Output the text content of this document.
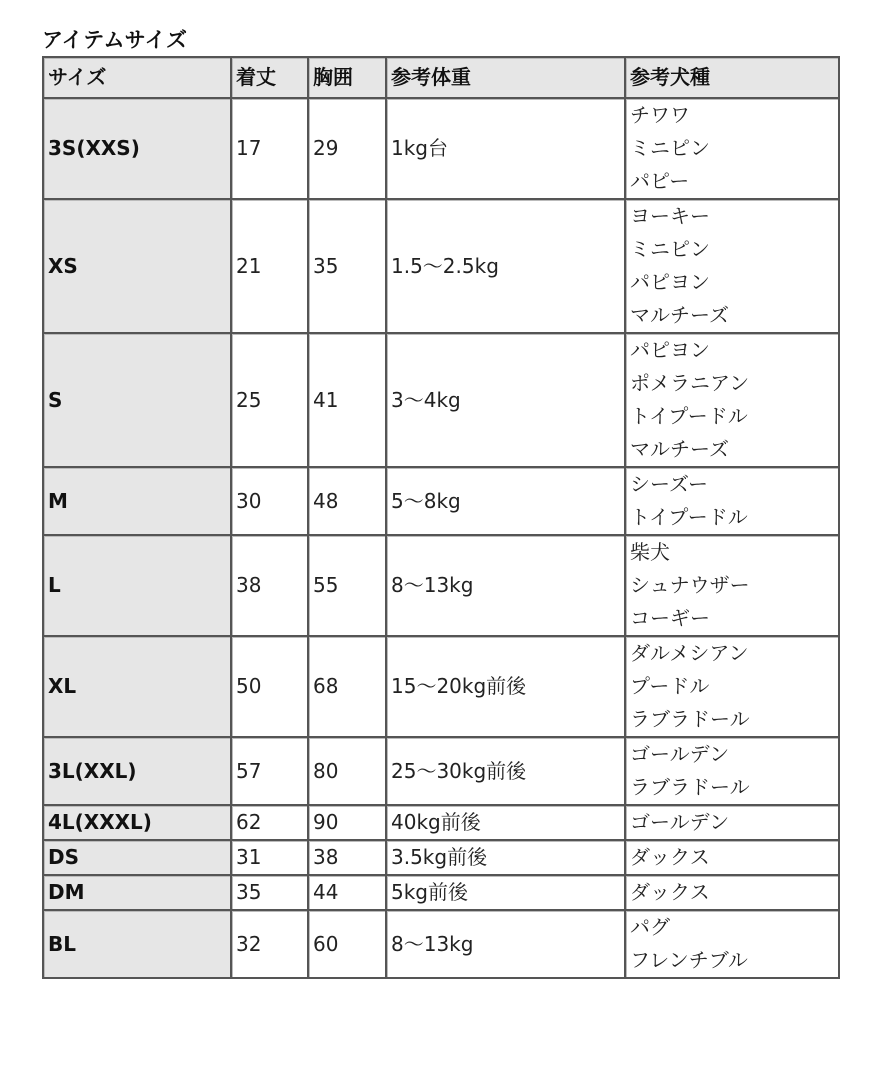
アイテムサイズ
サイズ	着丈	胸囲	参考体重	参考犬種
3S(XXS)	17	29	1kg台	チワワ
ミニピン
パピー

XS	21	35	1.5〜2.5kg	ヨーキー
ミニピン
パピヨン
マルチーズ

S	25	41	3〜4kg	パピヨン
ポメラニアン
トイプードル
マルチーズ

M	30	48	5〜8kg	シーズー
トイプードル

L	38	55	8〜13kg	柴犬
シュナウザー
コーギー

XL	50	68	15〜20kg前後	ダルメシアン
プードル
ラブラドール

3L(XXL)	57	80	25〜30kg前後	ゴールデン
ラブラドール

4L(XXXL)	62	90	40kg前後	ゴールデン

DS	31	38	3.5kg前後	ダックス

DM	35	44	5kg前後	ダックス

BL	32	60	8〜13kg	パグ
フレンチブル
